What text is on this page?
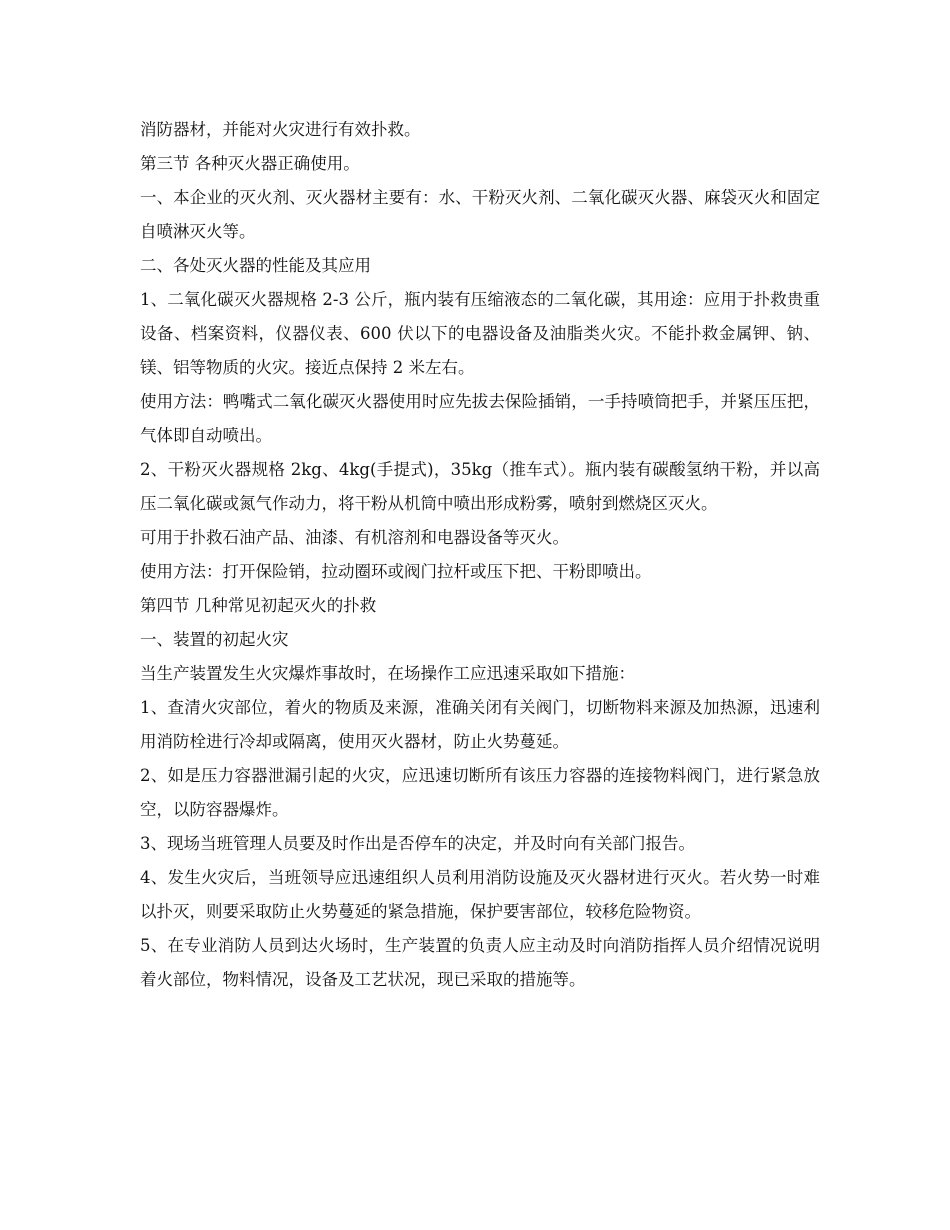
消防器材，并能对火灾进行有效扑救。

第三节 各种灭火器正确使用。

一、本企业的灭火剂、灭火器材主要有：水、干粉灭火剂、二氧化碳灭火器、麻袋灭火和固定自喷淋灭火等。

二、各处灭火器的性能及其应用

1、二氧化碳灭火器规格 2-3 公斤，瓶内装有压缩液态的二氧化碳，其用途：应用于扑救贵重设备、档案资料，仪器仪表、600 伏以下的电器设备及油脂类火灾。不能扑救金属钾、钠、镁、铝等物质的火灾。接近点保持 2 米左右。

使用方法：鸭嘴式二氧化碳灭火器使用时应先拔去保险插销，一手持喷筒把手，并紧压压把，气体即自动喷出。

2、干粉灭火器规格 2kg、4kg(手提式)，35kg（推车式）。瓶内装有碳酸氢纳干粉，并以高压二氧化碳或氮气作动力，将干粉从机筒中喷出形成粉雾，喷射到燃烧区灭火。

可用于扑救石油产品、油漆、有机溶剂和电器设备等灭火。

使用方法：打开保险销，拉动圈环或阀门拉杆或压下把、干粉即喷出。

第四节 几种常见初起灭火的扑救

一、装置的初起火灾

当生产装置发生火灾爆炸事故时，在场操作工应迅速采取如下措施：

1、查清火灾部位，着火的物质及来源，准确关闭有关阀门，切断物料来源及加热源，迅速利用消防栓进行冷却或隔离，使用灭火器材，防止火势蔓延。

2、如是压力容器泄漏引起的火灾，应迅速切断所有该压力容器的连接物料阀门，进行紧急放空，以防容器爆炸。

3、现场当班管理人员要及时作出是否停车的决定，并及时向有关部门报告。

4、发生火灾后，当班领导应迅速组织人员利用消防设施及灭火器材进行灭火。若火势一时难以扑灭，则要采取防止火势蔓延的紧急措施，保护要害部位，较移危险物资。

5、在专业消防人员到达火场时，生产装置的负责人应主动及时向消防指挥人员介绍情况说明着火部位，物料情况，设备及工艺状况，现已采取的措施等。
